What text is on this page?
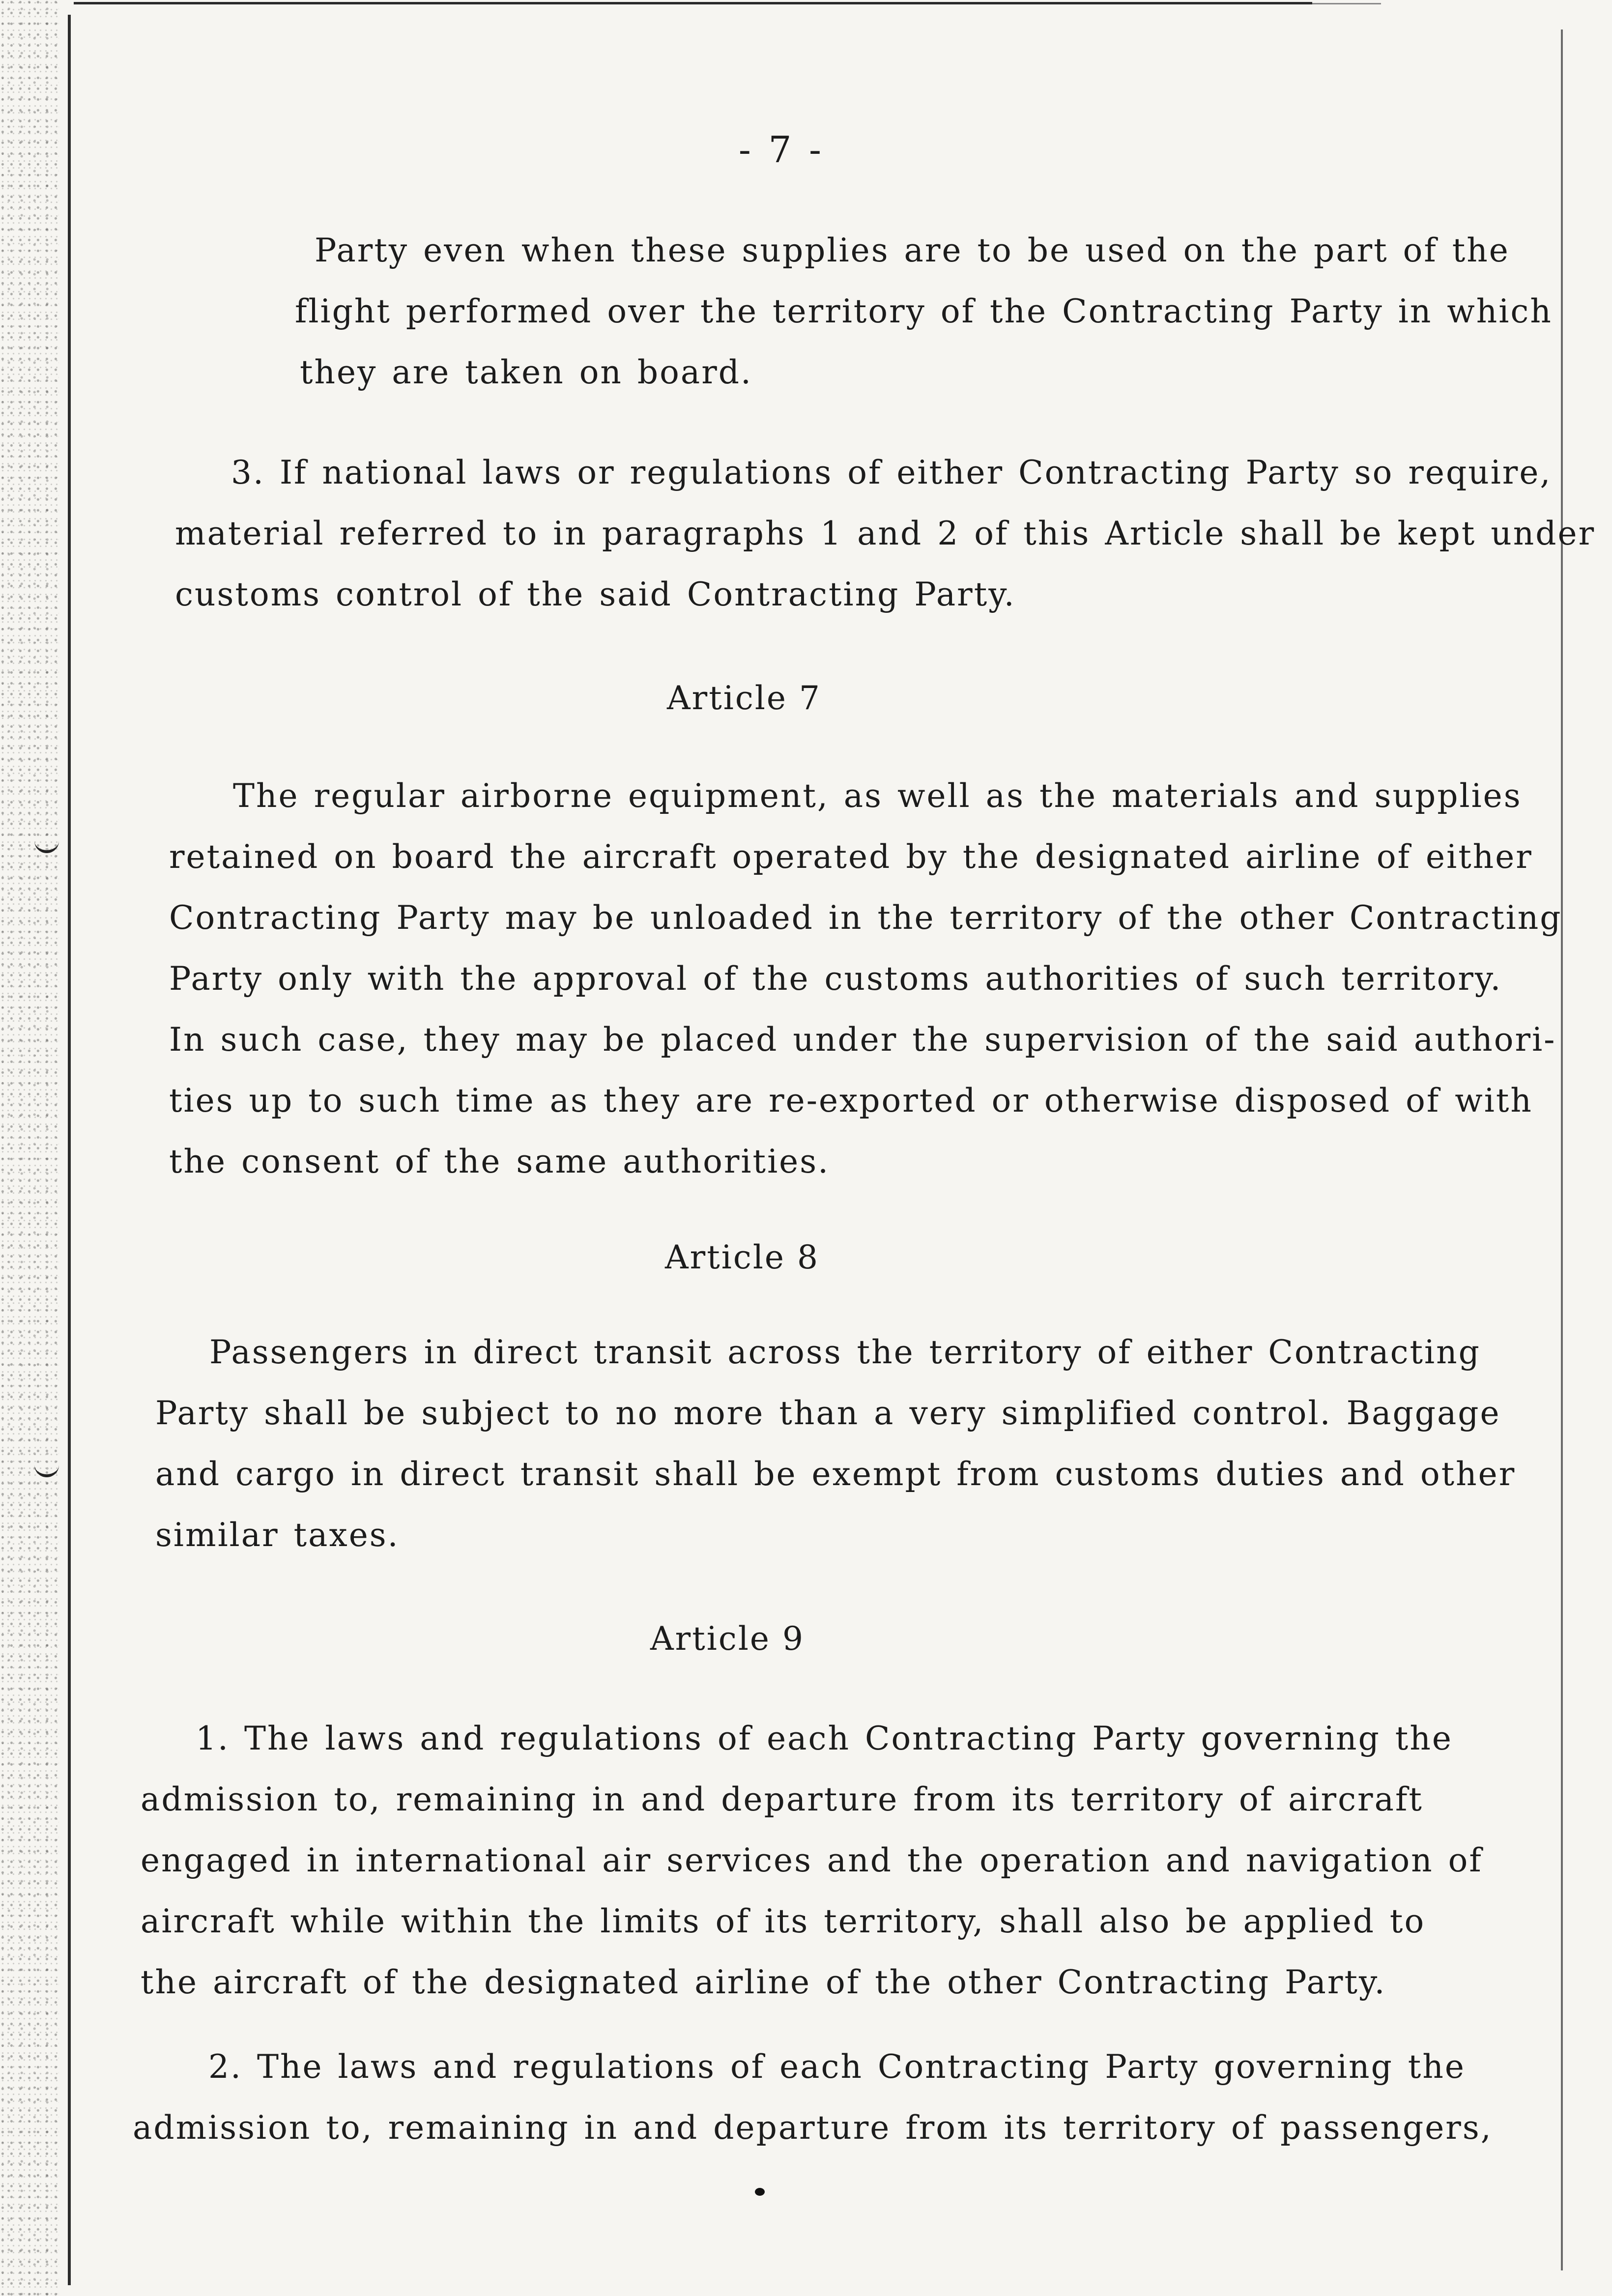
- 7 -
Party even when these supplies are to be used on the part of the
flight performed over the territory of the Contracting Party in which
they are taken on board.
3. If national laws or regulations of either Contracting Party so require,
material referred to in paragraphs 1 and 2 of this Article shall be kept under
customs control of the said Contracting Party.
Article 7
The regular airborne equipment, as well as the materials and supplies
retained on board the aircraft operated by the designated airline of either
Contracting Party may be unloaded in the territory of the other Contracting
Party only with the approval of the customs authorities of such territory.
In such case, they may be placed under the supervision of the said authori-
ties up to such time as they are re-exported or otherwise disposed of with
the consent of the same authorities.
Article 8
Passengers in direct transit across the territory of either Contracting
Party shall be subject to no more than a very simplified control. Baggage
and cargo in direct transit shall be exempt from customs duties and other
similar taxes.
Article 9
1. The laws and regulations of each Contracting Party governing the
admission to, remaining in and departure from its territory of aircraft
engaged in international air services and the operation and navigation of
aircraft while within the limits of its territory, shall also be applied to
the aircraft of the designated airline of the other Contracting Party.
2. The laws and regulations of each Contracting Party governing the
admission to, remaining in and departure from its territory of passengers,
